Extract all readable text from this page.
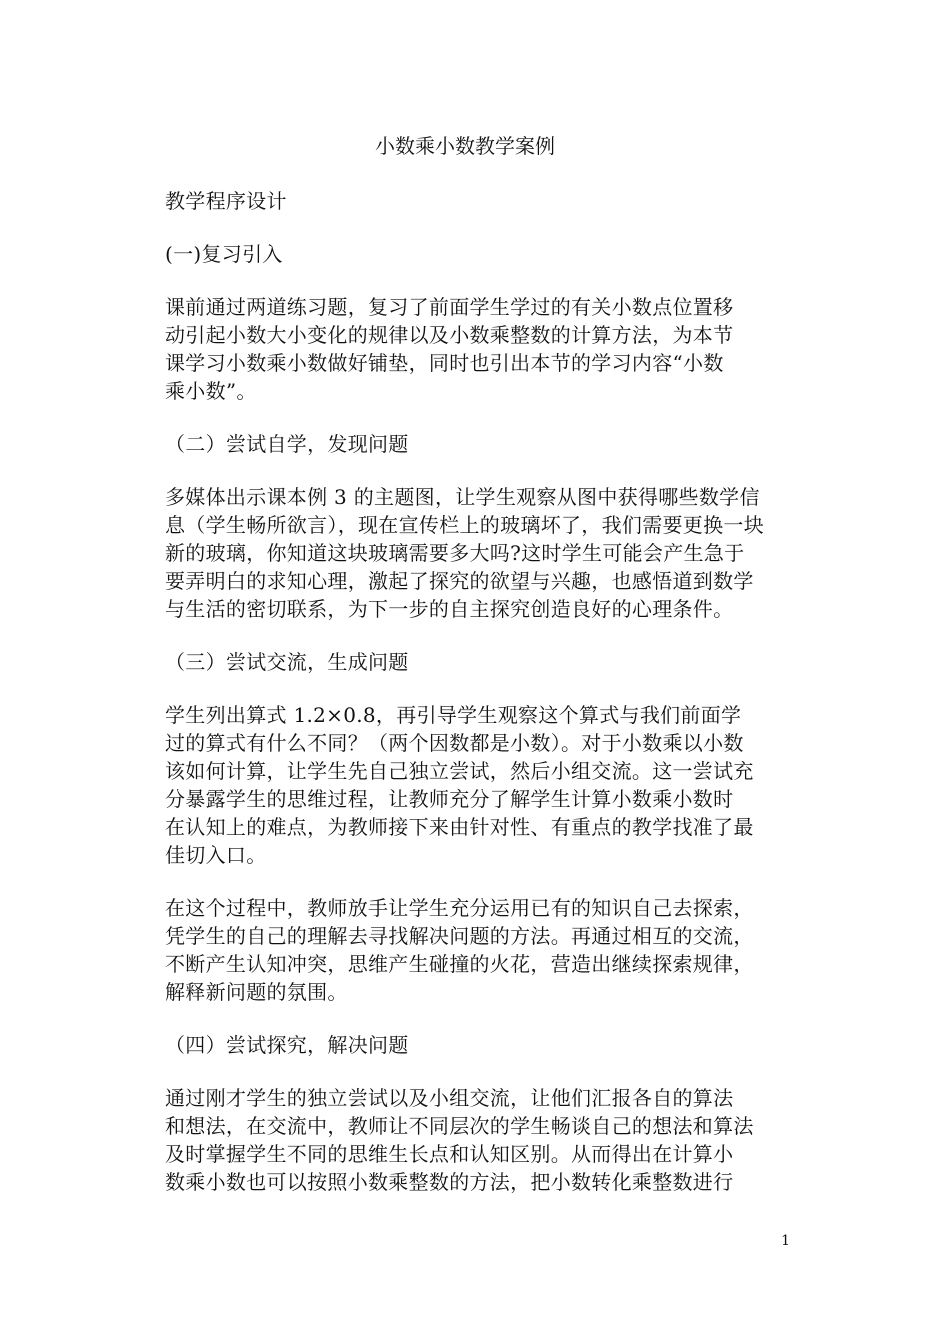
小数乘小数教学案例
教学程序设计
(一)复习引入
课前通过两道练习题，复习了前面学生学过的有关小数点位置移
动引起小数大小变化的规律以及小数乘整数的计算方法，为本节
课学习小数乘小数做好铺垫，同时也引出本节的学习内容“小数
乘小数”。
（二）尝试自学，发现问题
多媒体出示课本例 3 的主题图，让学生观察从图中获得哪些数学信
息（学生畅所欲言），现在宣传栏上的玻璃坏了，我们需要更换一块
新的玻璃，你知道这块玻璃需要多大吗?这时学生可能会产生急于
要弄明白的求知心理，激起了探究的欲望与兴趣，也感悟道到数学
与生活的密切联系，为下一步的自主探究创造良好的心理条件。
（三）尝试交流，生成问题
学生列出算式 1.2×0.8，再引导学生观察这个算式与我们前面学
过的算式有什么不同？（两个因数都是小数）。对于小数乘以小数
该如何计算，让学生先自己独立尝试，然后小组交流。这一尝试充
分暴露学生的思维过程，让教师充分了解学生计算小数乘小数时
在认知上的难点，为教师接下来由针对性、有重点的教学找准了最
佳切入口。
在这个过程中，教师放手让学生充分运用已有的知识自己去探索，
凭学生的自己的理解去寻找解决问题的方法。再通过相互的交流，
不断产生认知冲突，思维产生碰撞的火花，营造出继续探索规律，
解释新问题的氛围。
（四）尝试探究，解决问题
通过刚才学生的独立尝试以及小组交流，让他们汇报各自的算法
和想法，在交流中，教师让不同层次的学生畅谈自己的想法和算法
及时掌握学生不同的思维生长点和认知区别。从而得出在计算小
数乘小数也可以按照小数乘整数的方法，把小数转化乘整数进行
1
